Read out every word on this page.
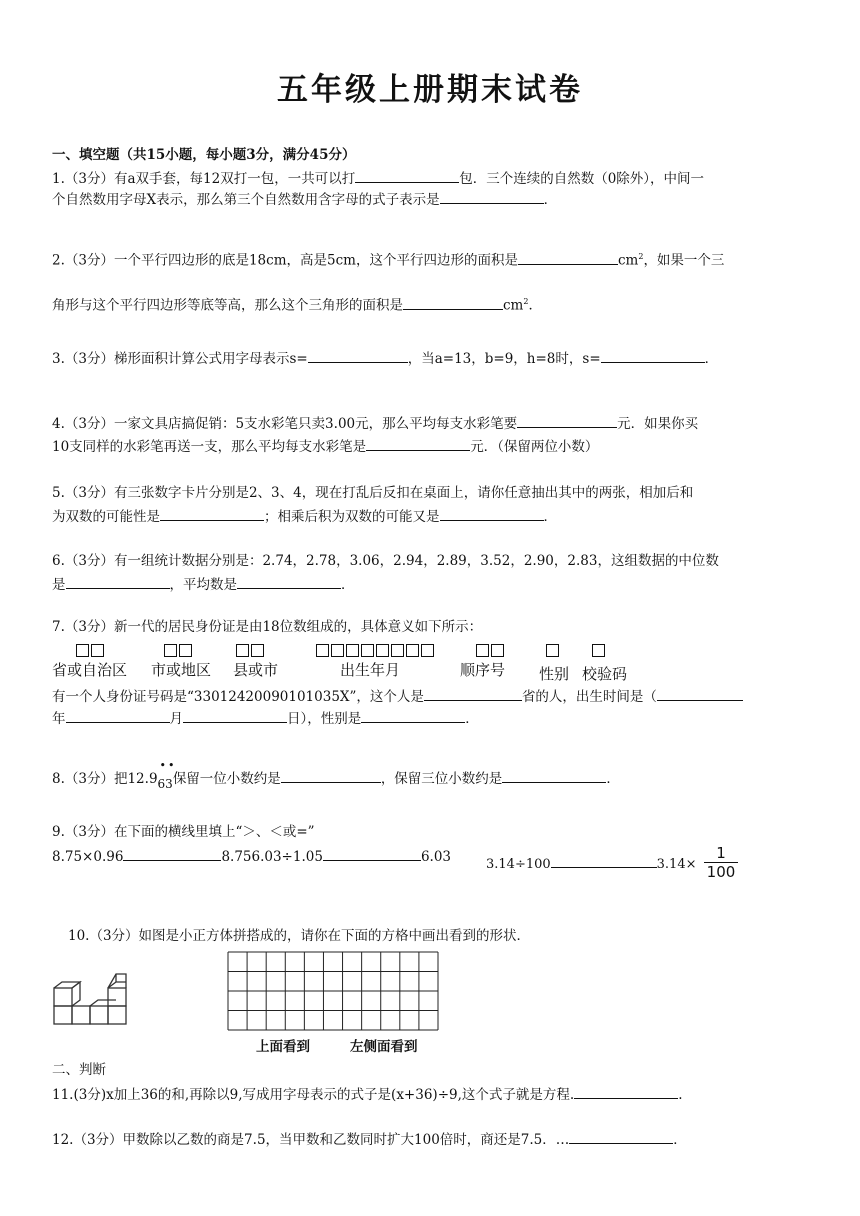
五年级上册期末试卷
一、填空题（共15小题，每小题3分，满分45分）
1.（3分）有a双手套，每12双打一包，一共可以打	包．三个连续的自然数（0除外），中间一
个自然数用字母X表示，那么第三个自然数用含字母的式子表示是	．
2.（3分）一个平行四边形的底是18cm，高是5cm，这个平行四边形的面积是	$cm^2$，如果一个三
角形与这个平行四边形等底等高，那么这个三角形的面积是	$cm^2$．
3.（3分）梯形面积计算公式用字母表示s=	，当a=13，b=9，h=8时，s=	．
4.（3分）一家文具店搞促销：5支水彩笔只卖3.00元，那么平均每支水彩笔要	元．如果你买
10支同样的水彩笔再送一支，那么平均每支水彩笔是	元．（保留两位小数）
5.（3分）有三张数字卡片分别是2、3、4，现在打乱后反扣在桌面上，请你任意抽出其中的两张，相加后和
为双数的可能性是	；相乘后积为双数的可能又是	．
6.（3分）有一组统计数据分别是：2.74，2.78，3.06，2.94，2.89，3.52，2.90，2.83，这组数据的中位数
是	，平均数是	．
7.（3分）新一代的居民身份证是由18位数组成的，具体意义如下所示：
省或自治区 市或地区 县或市	出生年月	顺序号 性别 校验码
有一个人身份证号码是“33012420090101035X”，这个人是	省的人，出生时间是（
年	月	日），性别是	．
8.（3分）把12.9
••
63保留一位小数约是	，保留三位小数约是	．
9.（3分）在下面的横线里填上“＞、＜或=”
8.75×0.96	8.756.03÷1.05	6.03	3.14÷100	$3.14\times \frac{1}{100}$
10.（3分）如图是小正方体拼搭成的，请你在下面的方格中画出看到的形状．
上面看到	左侧面看到
二、判断
11.(3分)x加上36的和,再除以9,写成用字母表示的式子是(x+36)÷9,这个式子就是方程.	.
12.（3分）甲数除以乙数的商是7.5，当甲数和乙数同时扩大100倍时，商还是7.5．…	．
